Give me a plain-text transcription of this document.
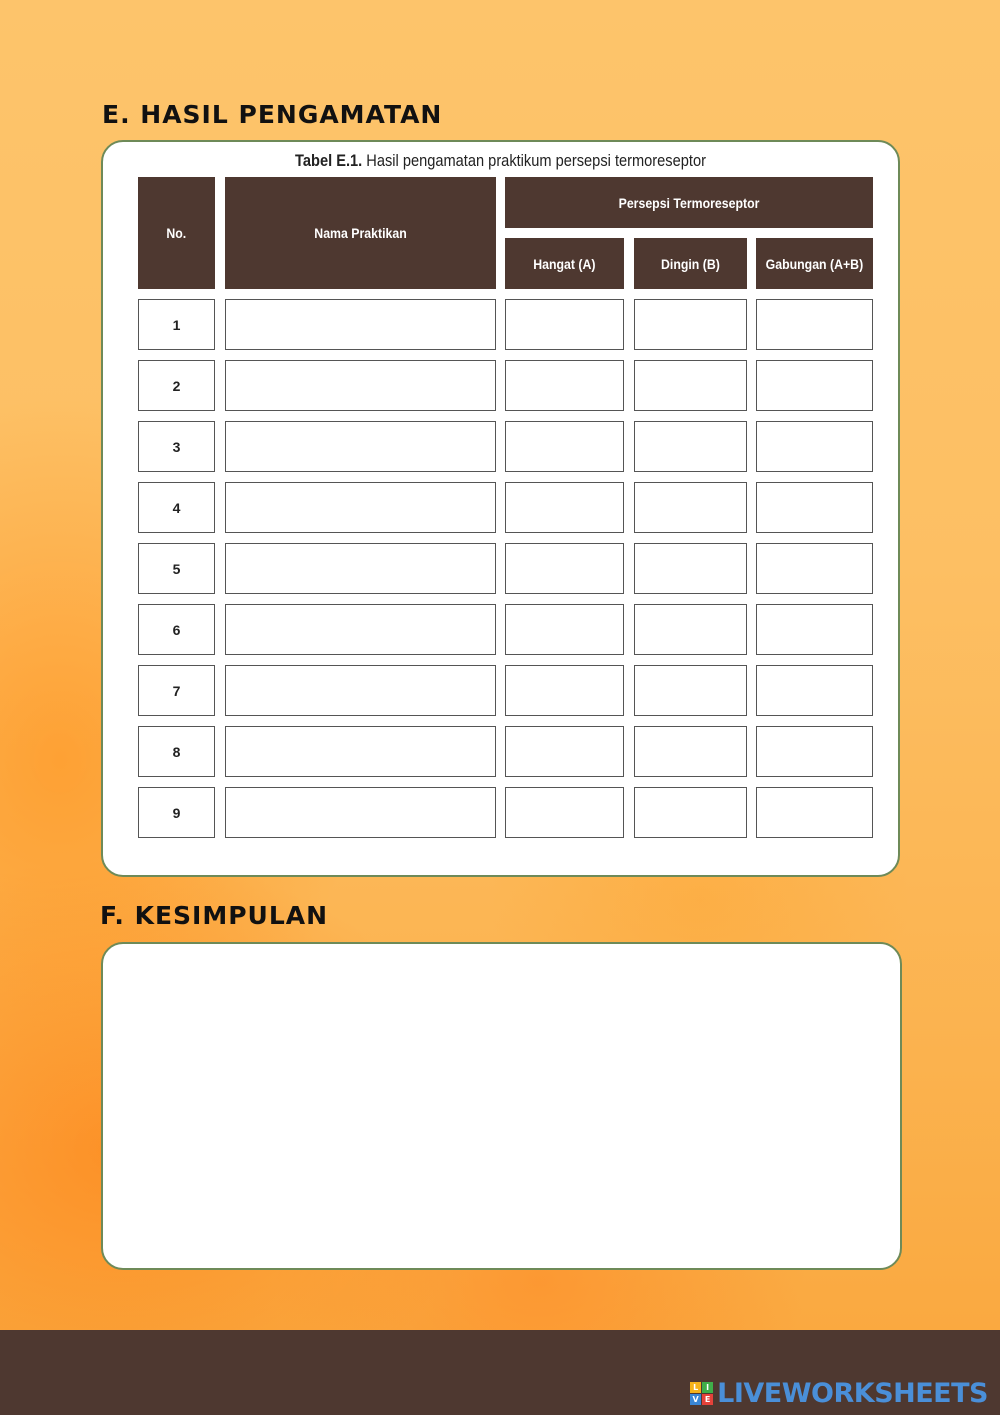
E. HASIL PENGAMATAN
Tabel E.1. Hasil pengamatan praktikum persepsi termoreseptor
No.	Nama Praktikan
Persepsi Termoreseptor
Hangat (A)	Dingin (B)	Gabungan (A+B)
1
2
3
4
5
6
7
8
9
F. KESIMPULAN
L I
V E LIVEWORKSHEETS
